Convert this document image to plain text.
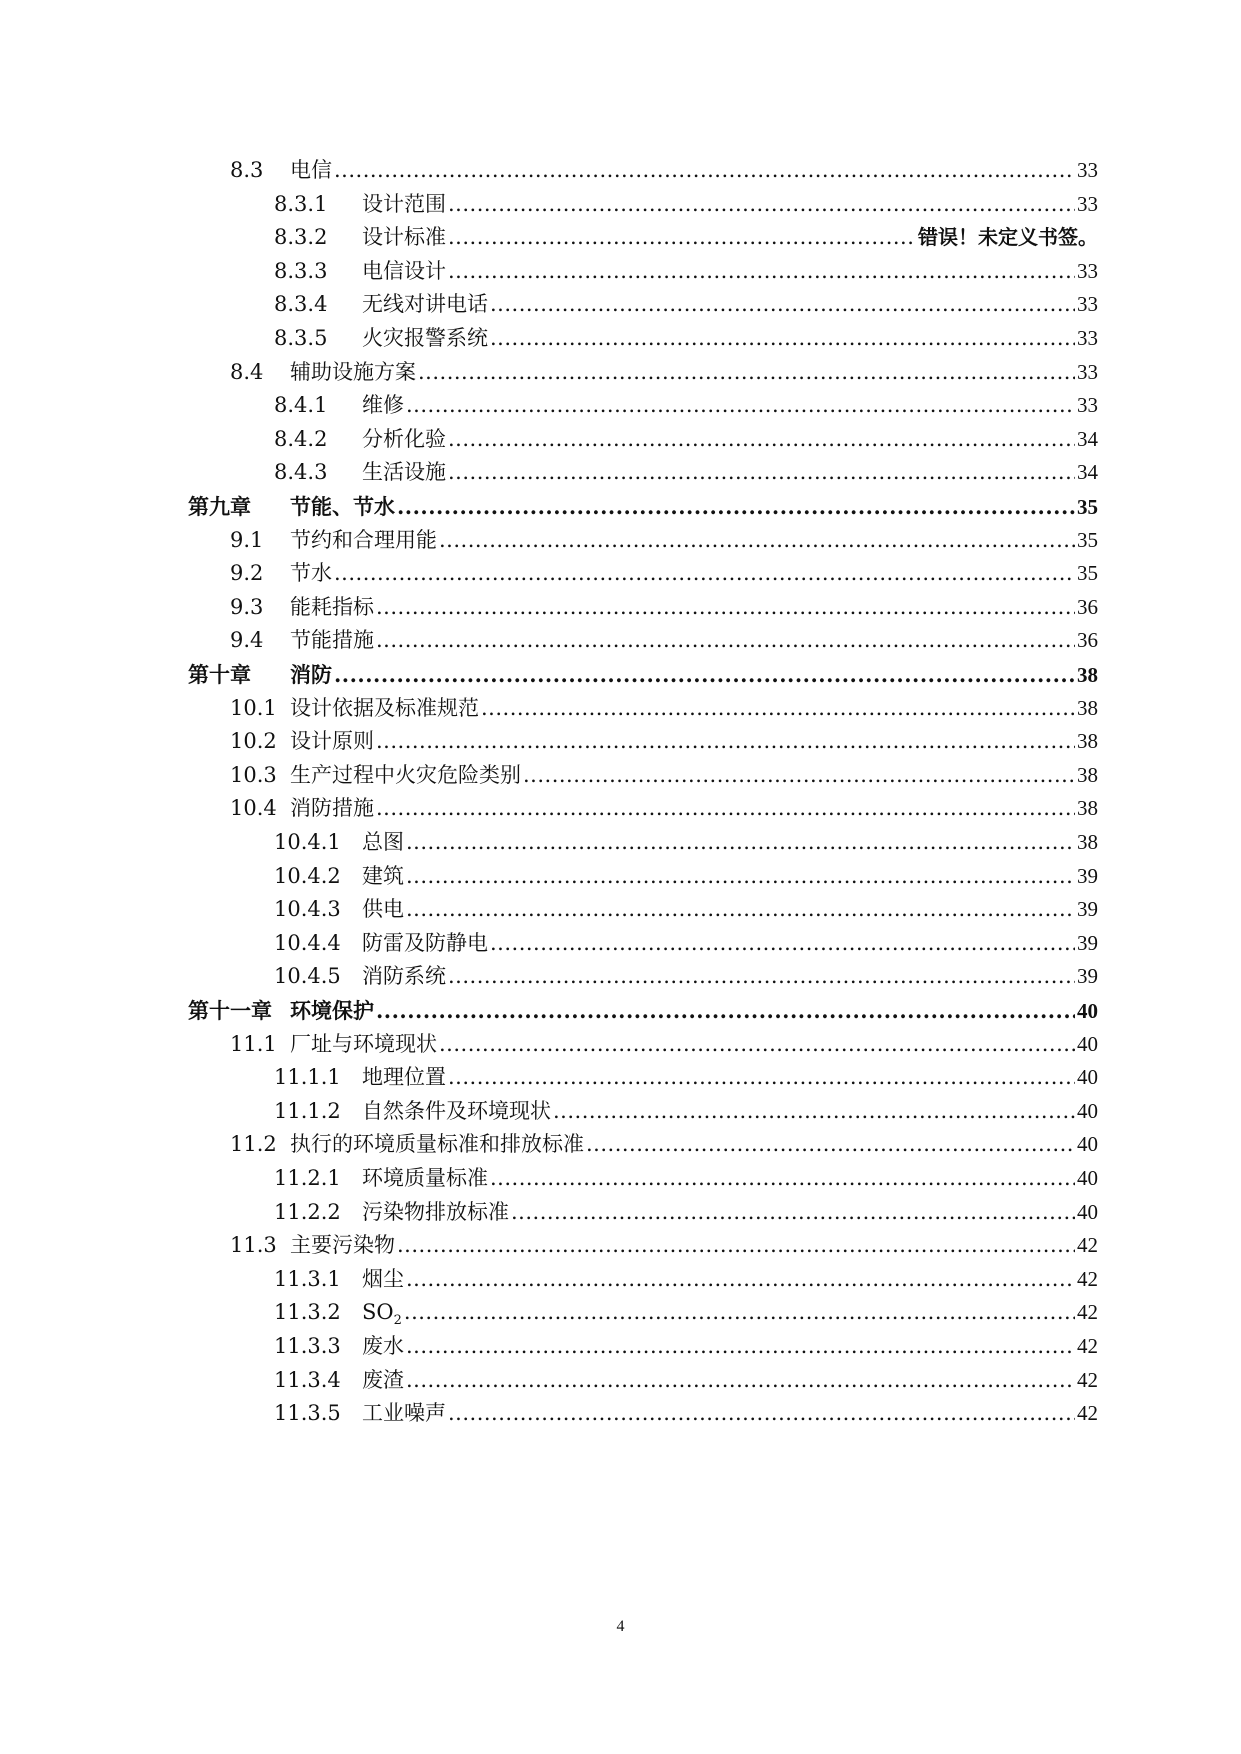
8.3	电信 .....	33
8.3.1	设计范围 .....	33
8.3.2	设计标准 .....	错误！未定义书签。
8.3.3	电信设计 .....	33
8.3.4	无线对讲电话 .....	33
8.3.5	火灾报警系统 .....	33
8.4	辅助设施方案 .....	33
8.4.1	维修 .....	33
8.4.2	分析化验 .....	34
8.4.3	生活设施 .....	34
第九章	节能、节水 .....	35
9.1	节约和合理用能 .....	35
9.2	节水 .....	35
9.3	能耗指标 .....	36
9.4	节能措施 .....	36
第十章	消防 .....	38
10.1 设计依据及标准规范 .....	38
10.2 设计原则 .....	38
10.3 生产过程中火灾危险类别 .....	38
10.4 消防措施 .....	38
10.4.1	总图 .....	38
10.4.2	建筑 .....	39
10.4.3	供电 .....	39
10.4.4	防雷及防静电 .....	39
10.4.5	消防系统 .....	39
第十一章 环境保护 .....	40
11.1 厂址与环境现状 .....	40
11.1.1	地理位置 .....	40
11.1.2	自然条件及环境现状 .....	40
11.2 执行的环境质量标准和排放标准 .....	40
11.2.1	环境质量标准 .....	40
11.2.2	污染物排放标准 .....	40
11.3 主要污染物 .....	42
11.3.1	烟尘 .....	42
11.3.2	$SO_2$ .....	42
11.3.3	废水 .....	42
11.3.4	废渣 .....	42
11.3.5	工业噪声 .....	42
4
